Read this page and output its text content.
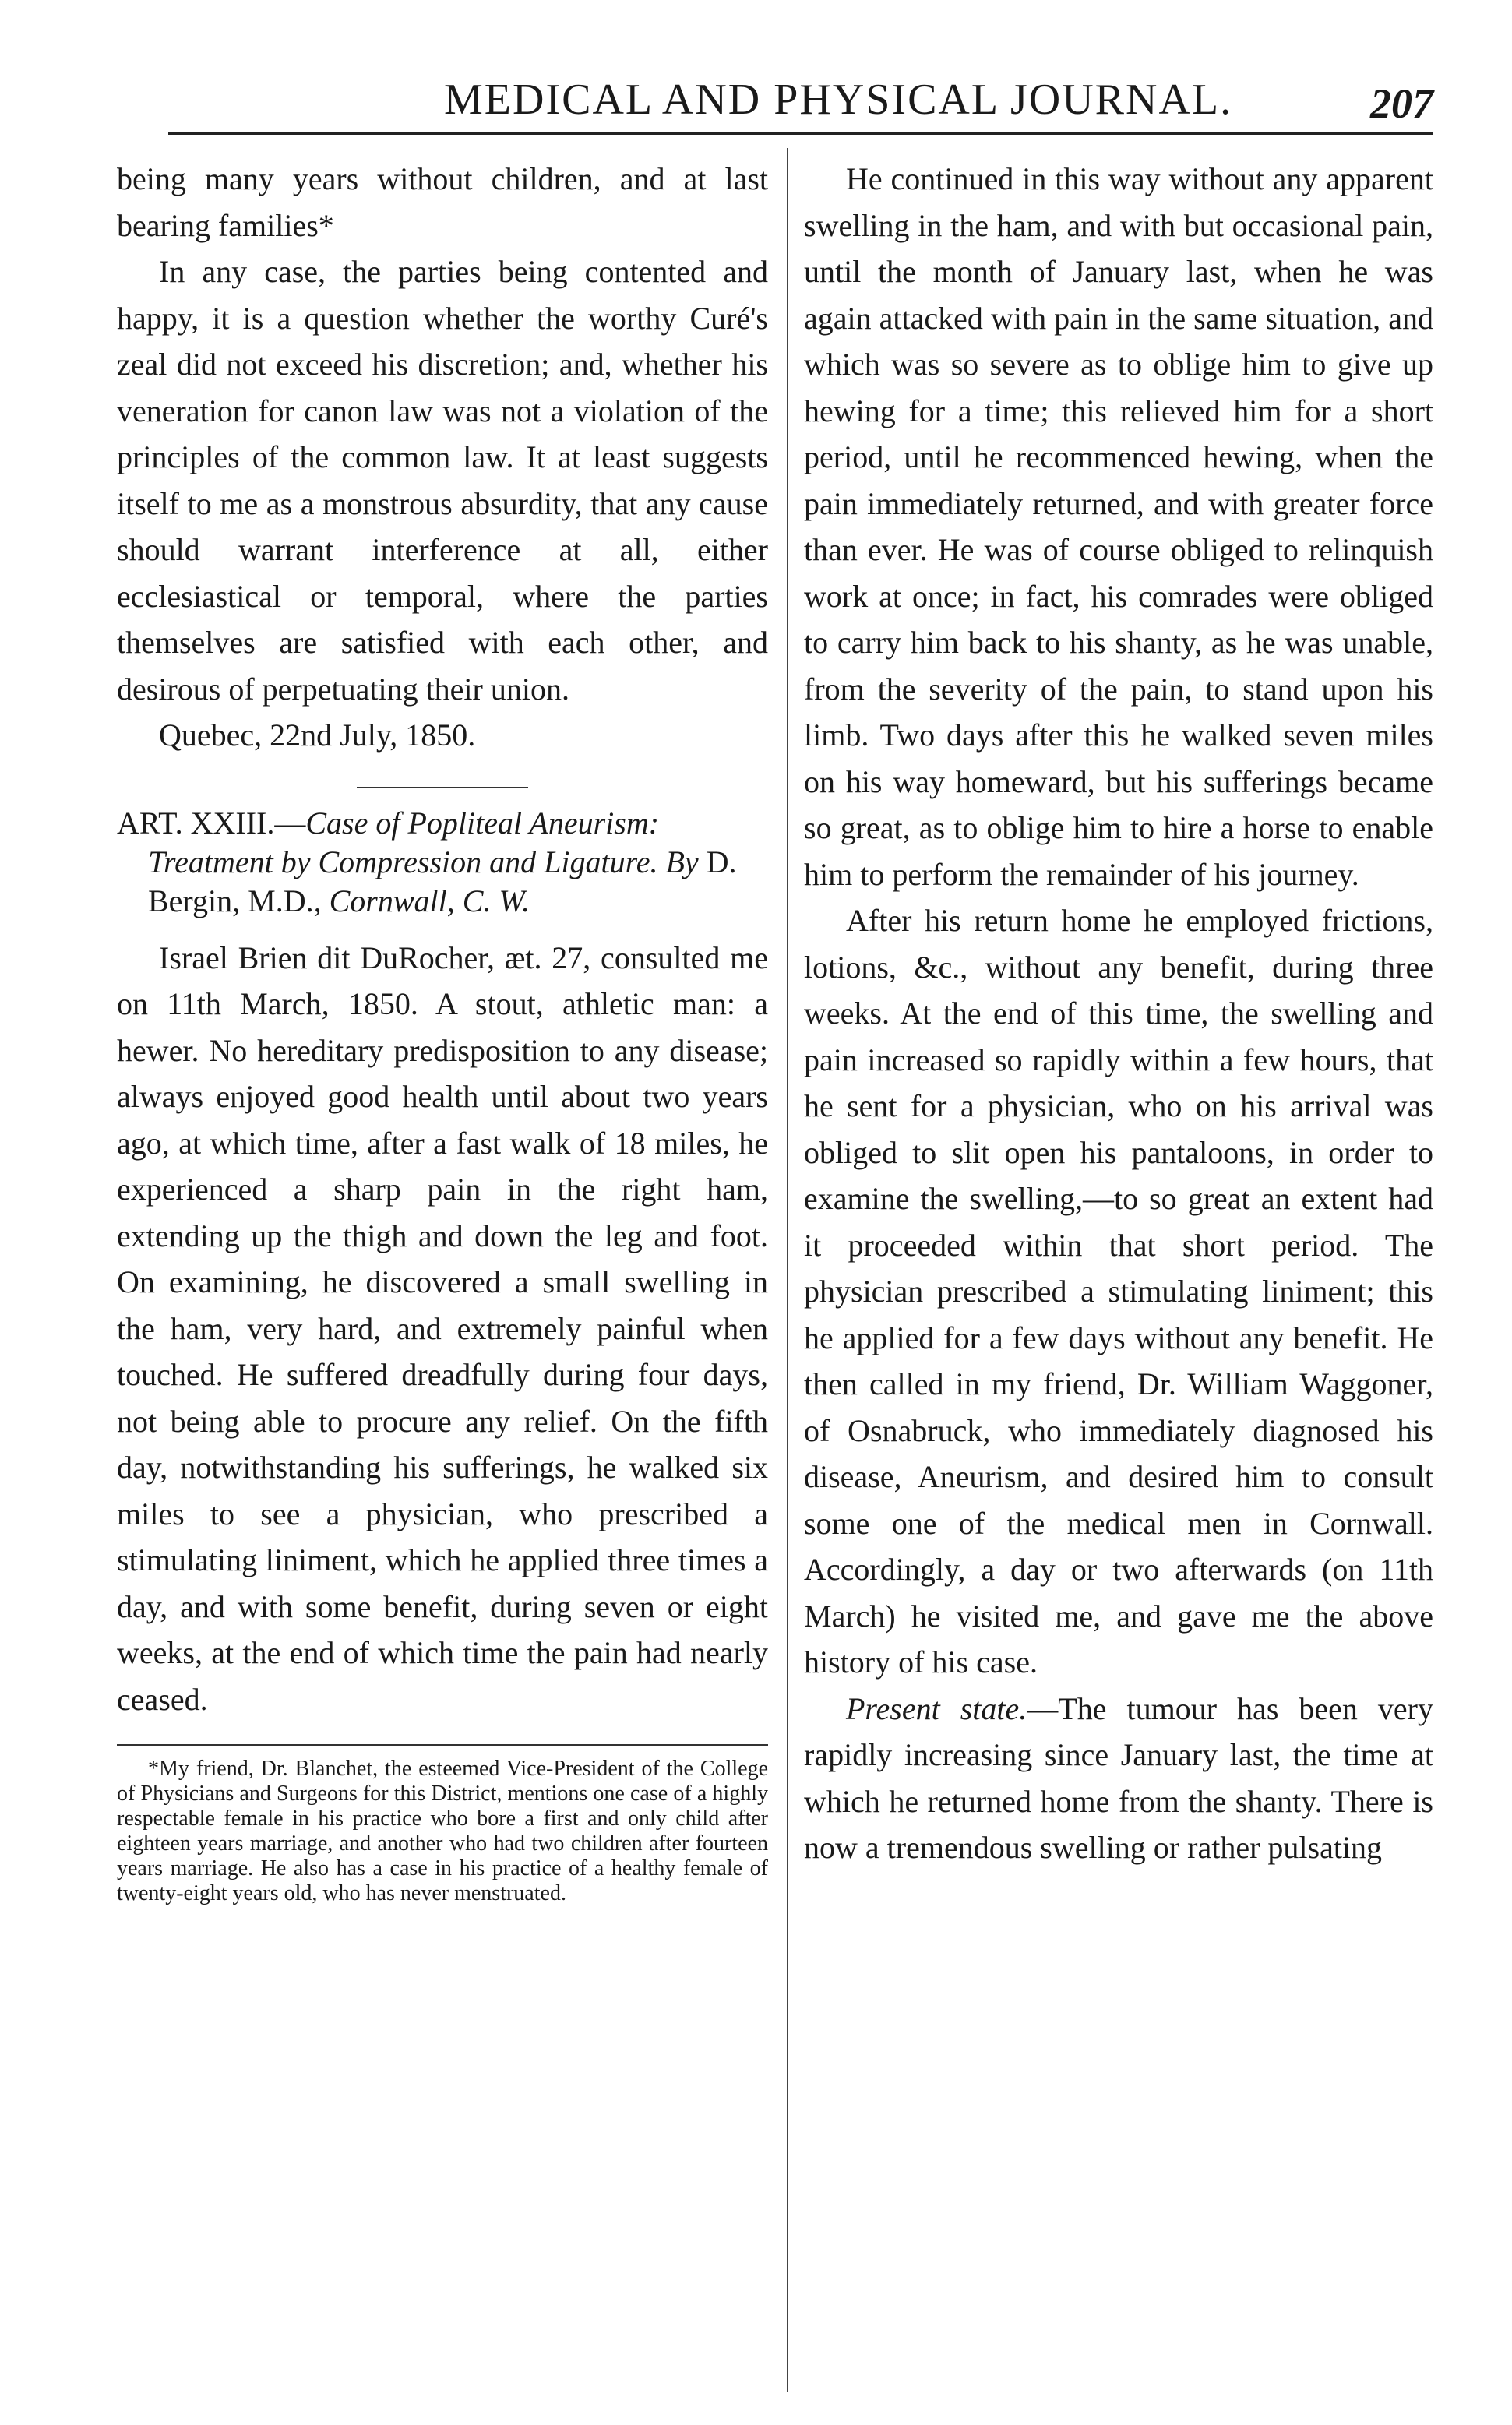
MEDICAL AND PHYSICAL JOURNAL.	207

being many years without children, and at last bearing families*

In any case, the parties being contented and happy, it is a question whether the worthy Curé's zeal did not exceed his discretion; and, whether his veneration for canon law was not a violation of the principles of the common law. It at least suggests itself to me as a monstrous absurdity, that any cause should warrant interference at all, either ecclesiastical or temporal, where the parties themselves are satisfied with each other, and desirous of perpetuating their union.

Quebec, 22nd July, 1850.

ART. XXIII.—Case of Popliteal Aneurism: Treatment by Compression and Ligature. By D. Bergin, M.D., Cornwall, C. W.

Israel Brien dit DuRocher, æt. 27, consulted me on 11th March, 1850. A stout, athletic man: a hewer. No hereditary predisposition to any disease; always enjoyed good health until about two years ago, at which time, after a fast walk of 18 miles, he experienced a sharp pain in the right ham, extending up the thigh and down the leg and foot. On examining, he discovered a small swelling in the ham, very hard, and extremely painful when touched. He suffered dreadfully during four days, not being able to procure any relief. On the fifth day, notwithstanding his sufferings, he walked six miles to see a physician, who prescribed a stimulating liniment, which he applied three times a day, and with some benefit, during seven or eight weeks, at the end of which time the pain had nearly ceased.

*My friend, Dr. Blanchet, the esteemed Vice-President of the College of Physicians and Surgeons for this District, mentions one case of a highly respectable female in his practice who bore a first and only child after eighteen years marriage, and another who had two children after fourteen years marriage. He also has a case in his practice of a healthy female of twenty-eight years old, who has never menstruated.

He continued in this way without any apparent swelling in the ham, and with but occasional pain, until the month of January last, when he was again attacked with pain in the same situation, and which was so severe as to oblige him to give up hewing for a time; this relieved him for a short period, until he recommenced hewing, when the pain immediately returned, and with greater force than ever. He was of course obliged to relinquish work at once; in fact, his comrades were obliged to carry him back to his shanty, as he was unable, from the severity of the pain, to stand upon his limb. Two days after this he walked seven miles on his way homeward, but his sufferings became so great, as to oblige him to hire a horse to enable him to perform the remainder of his journey.

After his return home he employed frictions, lotions, &c., without any benefit, during three weeks. At the end of this time, the swelling and pain increased so rapidly within a few hours, that he sent for a physician, who on his arrival was obliged to slit open his pantaloons, in order to examine the swelling,—to so great an extent had it proceeded within that short period. The physician prescribed a stimulating liniment; this he applied for a few days without any benefit. He then called in my friend, Dr. William Waggoner, of Osnabruck, who immediately diagnosed his disease, Aneurism, and desired him to consult some one of the medical men in Cornwall. Accordingly, a day or two afterwards (on 11th March) he visited me, and gave me the above history of his case.

Present state.—The tumour has been very rapidly increasing since January last, the time at which he returned home from the shanty. There is now a tremendous swelling or rather pulsating
